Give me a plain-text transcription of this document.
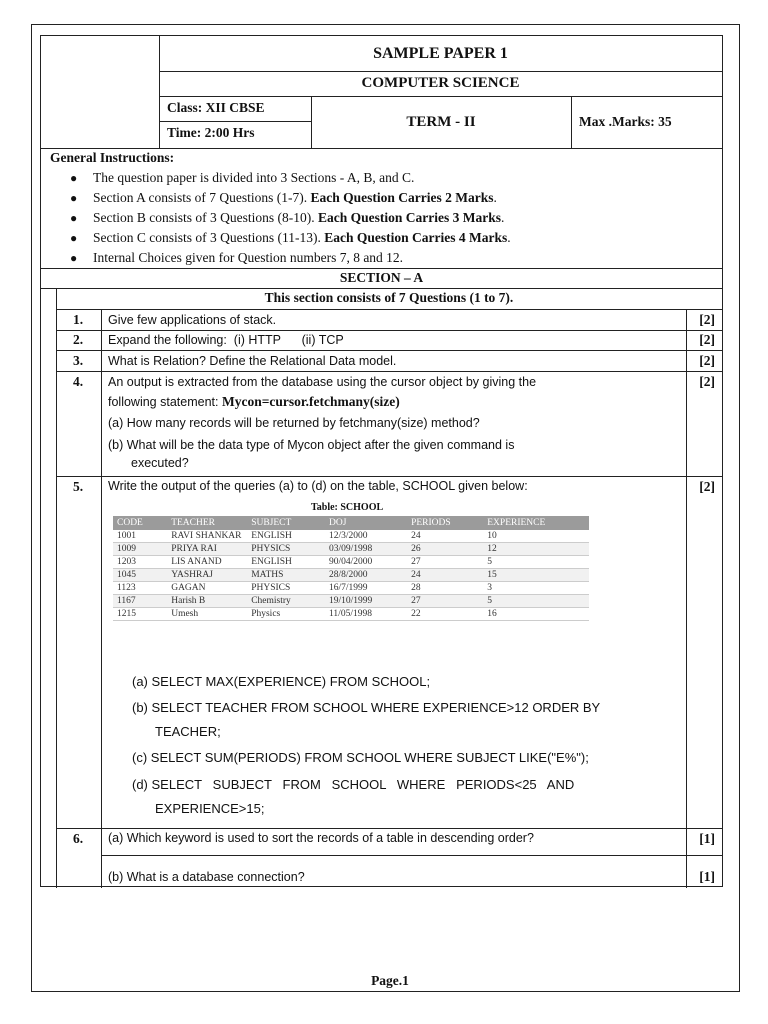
SAMPLE PAPER 1
COMPUTER SCIENCE
Class: XII CBSE
Time: 2:00 Hrs
TERM - II	Max .Marks: 35
General Instructions:
● The question paper is divided into 3 Sections - A, B, and C.
● Section A consists of 7 Questions (1-7). Each Question Carries 2 Marks.
● Section B consists of 3 Questions (8-10). Each Question Carries 3 Marks.
● Section C consists of 3 Questions (11-13). Each Question Carries 4 Marks.
● Internal Choices given for Question numbers 7, 8 and 12.
SECTION – A
This section consists of 7 Questions (1 to 7).
1.	Give few applications of stack.	[2]
2.	Expand the following:  (i) HTTP      (ii) TCP	[2]
3.	What is Relation? Define the Relational Data model.	[2]
4.	An output is extracted from the database using the cursor object by giving the
following statement: Mycon=cursor.fetchmany(size)
(a) How many records will be returned by fetchmany(size) method?
(b) What will be the data type of Mycon object after the given command is
executed?
[2]
5.	Write the output of the queries (a) to (d) on the table, SCHOOL given below:	[2]
Table: SCHOOL
CODE	TEACHER	SUBJECT	DOJ	PERIODS	EXPERIENCE
1001	RAVI SHANKAR	ENGLISH	12/3/2000	24	10
1009	PRIYA RAI	PHYSICS	03/09/1998	26	12
1203	LIS ANAND	ENGLISH	90/04/2000	27	5
1045	YASHRAJ	MATHS	28/8/2000	24	15
1123	GAGAN	PHYSICS	16/7/1999	28	3
1167	Harish B	Chemistry	19/10/1999	27	5
1215	Umesh	Physics	11/05/1998	22	16
(a) SELECT MAX(EXPERIENCE) FROM SCHOOL;
(b) SELECT TEACHER FROM SCHOOL WHERE EXPERIENCE>12 ORDER BY
TEACHER;
(c) SELECT SUM(PERIODS) FROM SCHOOL WHERE SUBJECT LIKE("E%");
(d) SELECT   SUBJECT   FROM   SCHOOL   WHERE   PERIODS<25   AND
EXPERIENCE>15;
6.	(a) Which keyword is used to sort the records of a table in descending order?	[1]
(b) What is a database connection?	[1]
Page.1
